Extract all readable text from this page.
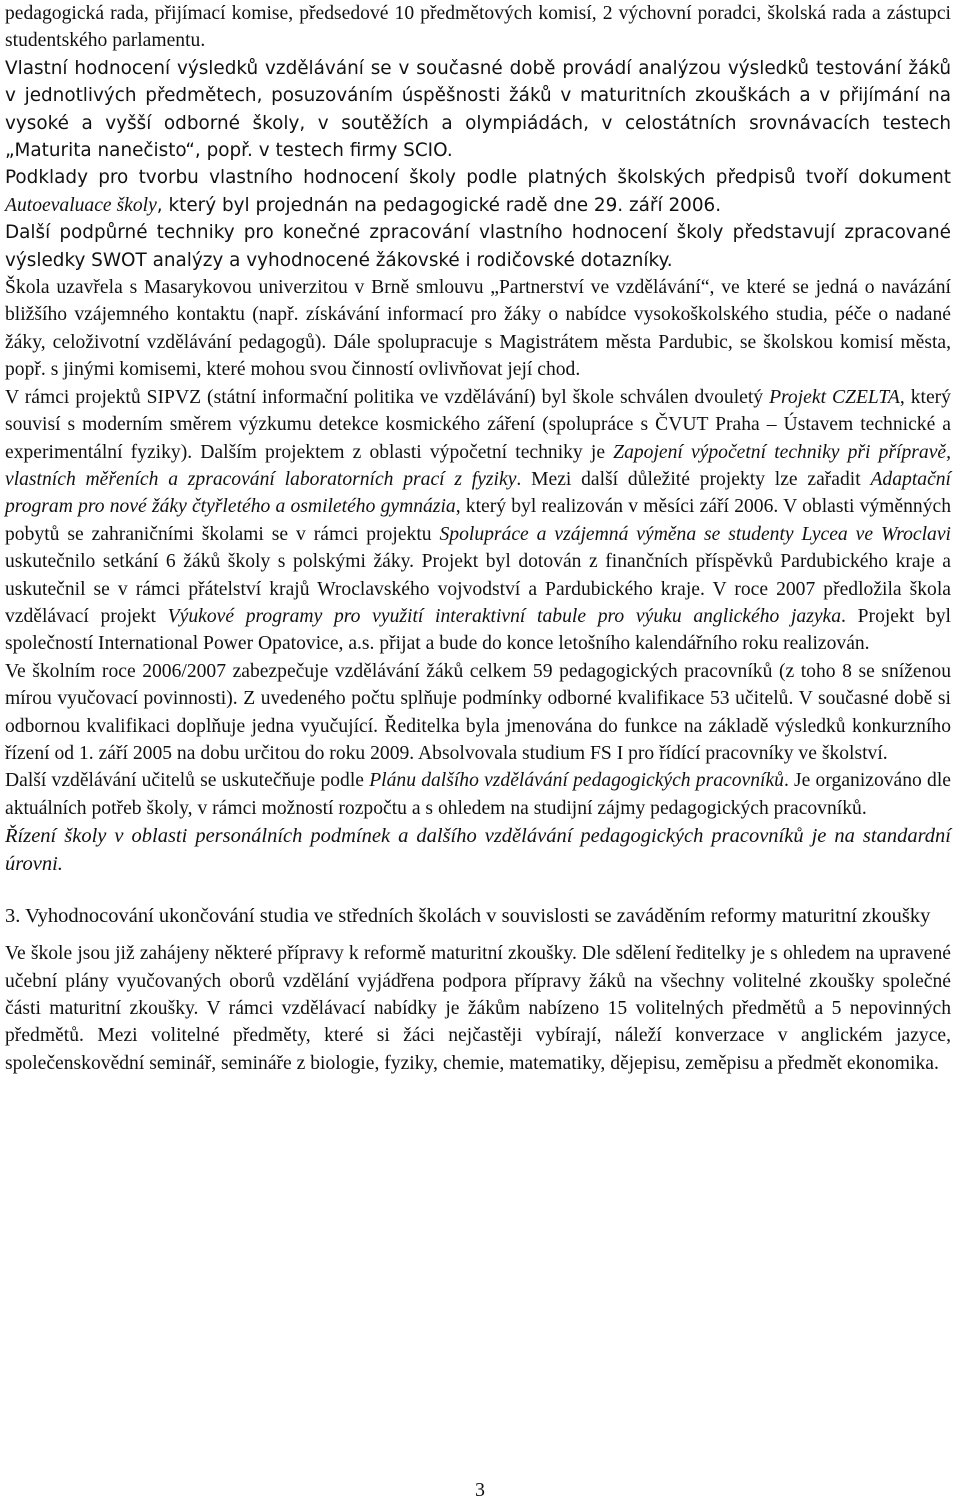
pedagogická rada, přijímací komise, předsedové 10 předmětových komisí, 2 výchovní poradci, školská rada a zástupci studentského parlamentu.

Vlastní hodnocení výsledků vzdělávání se v současné době provádí analýzou výsledků testování žáků v jednotlivých předmětech, posuzováním úspěšnosti žáků v maturitních zkouškách a v přijímání na vysoké a vyšší odborné školy, v soutěžích a olympiádách, v celostátních srovnávacích testech „Maturita nanečisto“, popř. v testech firmy SCIO.

Podklady pro tvorbu vlastního hodnocení školy podle platných školských předpisů tvoří dokument Autoevaluace školy, který byl projednán na pedagogické radě dne 29. září 2006.

Další podpůrné techniky pro konečné zpracování vlastního hodnocení školy představují zpracované výsledky SWOT analýzy a vyhodnocené žákovské i rodičovské dotazníky.

Škola uzavřela s Masarykovou univerzitou v Brně smlouvu „Partnerství ve vzdělávání“, ve které se jedná o navázání bližšího vzájemného kontaktu (např. získávání informací pro žáky o nabídce vysokoškolského studia, péče o nadané žáky, celoživotní vzdělávání pedagogů). Dále spolupracuje s Magistrátem města Pardubic, se školskou komisí města, popř. s jinými komisemi, které mohou svou činností ovlivňovat její chod.

V rámci projektů SIPVZ (státní informační politika ve vzdělávání) byl škole schválen dvouletý Projekt CZELTA, který souvisí s moderním směrem výzkumu detekce kosmického záření (spolupráce s ČVUT Praha – Ústavem technické a experimentální fyziky). Dalším projektem z oblasti výpočetní techniky je Zapojení výpočetní techniky při přípravě, vlastních měřeních a zpracování laboratorních prací z fyziky. Mezi další důležité projekty lze zařadit Adaptační program pro nové žáky čtyřletého a osmiletého gymnázia, který byl realizován v měsíci září 2006. V oblasti výměnných pobytů se zahraničními školami se v rámci projektu Spolupráce a vzájemná výměna se studenty Lycea ve Wroclavi uskutečnilo setkání 6 žáků školy s polskými žáky. Projekt byl dotován z finančních příspěvků Pardubického kraje a uskutečnil se v rámci přátelství krajů Wroclavského vojvodství a Pardubického kraje. V roce 2007 předložila škola vzdělávací projekt Výukové programy pro využití interaktivní tabule pro výuku anglického jazyka. Projekt byl společností International Power Opatovice, a.s. přijat a bude do konce letošního kalendářního roku realizován.

Ve školním roce 2006/2007 zabezpečuje vzdělávání žáků celkem 59 pedagogických pracovníků (z toho 8 se sníženou mírou vyučovací povinnosti). Z uvedeného počtu splňuje podmínky odborné kvalifikace 53 učitelů. V současné době si odbornou kvalifikaci doplňuje jedna vyučující. Ředitelka byla jmenována do funkce na základě výsledků konkurzního řízení od 1. září 2005 na dobu určitou do roku 2009. Absolvovala studium FS I pro řídící pracovníky ve školství.

Další vzdělávání učitelů se uskutečňuje podle Plánu dalšího vzdělávání pedagogických pracovníků. Je organizováno dle aktuálních potřeb školy, v rámci možností rozpočtu a s ohledem na studijní zájmy pedagogických pracovníků.

Řízení školy v oblasti personálních podmínek a dalšího vzdělávání pedagogických pracovníků je na standardní úrovni.

3. Vyhodnocování ukončování studia ve středních školách v souvislosti se zaváděním reformy maturitní zkoušky

Ve škole jsou již zahájeny některé přípravy k reformě maturitní zkoušky. Dle sdělení ředitelky je s ohledem na upravené učební plány vyučovaných oborů vzdělání vyjádřena podpora přípravy žáků na všechny volitelné zkoušky společné části maturitní zkoušky. V rámci vzdělávací nabídky je žákům nabízeno 15 volitelných předmětů a 5 nepovinných předmětů. Mezi volitelné předměty, které si žáci nejčastěji vybírají, náleží konverzace v anglickém jazyce, společenskovědní seminář, semináře z biologie, fyziky, chemie, matematiky, dějepisu, zeměpisu a předmět ekonomika.

3
